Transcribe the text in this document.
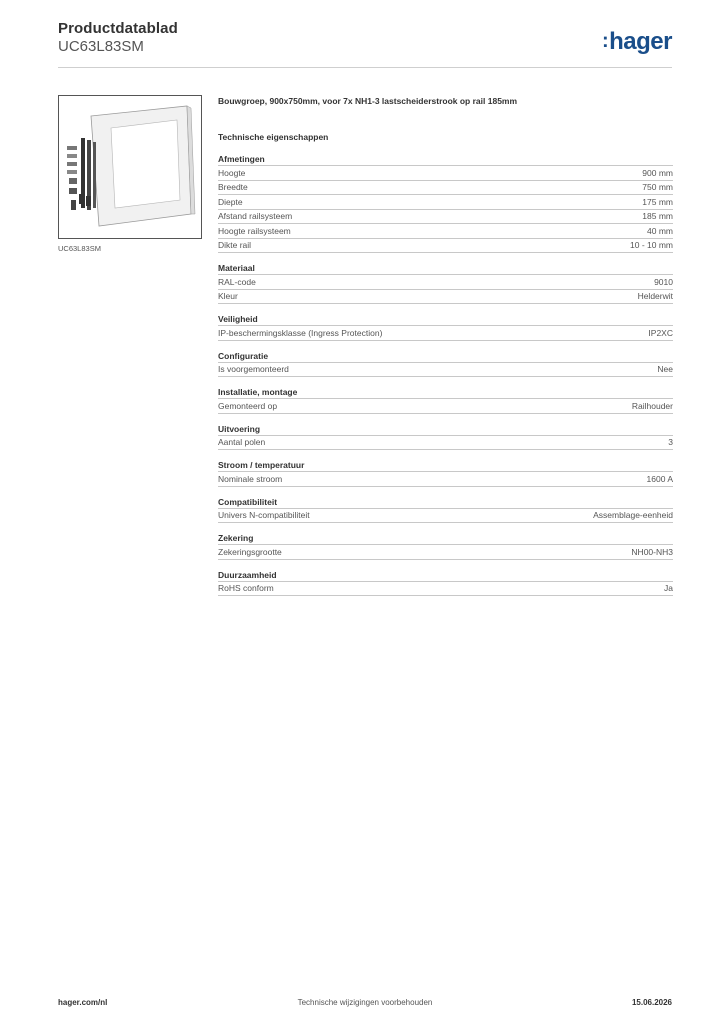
Productdatablad
UC63L83SM	:hager
UC63L83SM
Bouwgroep, 900x750mm, voor 7x NH1-3 lastscheiderstrook op rail 185mm
Technische eigenschappen
Afmetingen
Hoogte	900 mm
Breedte	750 mm
Diepte	175 mm
Afstand railsysteem	185 mm
Hoogte railsysteem	40 mm
Dikte rail	10 - 10 mm
Materiaal
RAL-code	9010
Kleur	Helderwit
Veiligheid
IP-beschermingsklasse (Ingress Protection)	IP2XC
Configuratie
Is voorgemonteerd	Nee
Installatie, montage
Gemonteerd op	Railhouder
Uitvoering
Aantal polen	3
Stroom / temperatuur
Nominale stroom	1600 A
Compatibiliteit
Univers N-compatibiliteit	Assemblage-eenheid
Zekering
Zekeringsgrootte	NH00-NH3
Duurzaamheid
RoHS conform	Ja
hager.com/nl	Technische wijzigingen voorbehouden	15.06.2026
